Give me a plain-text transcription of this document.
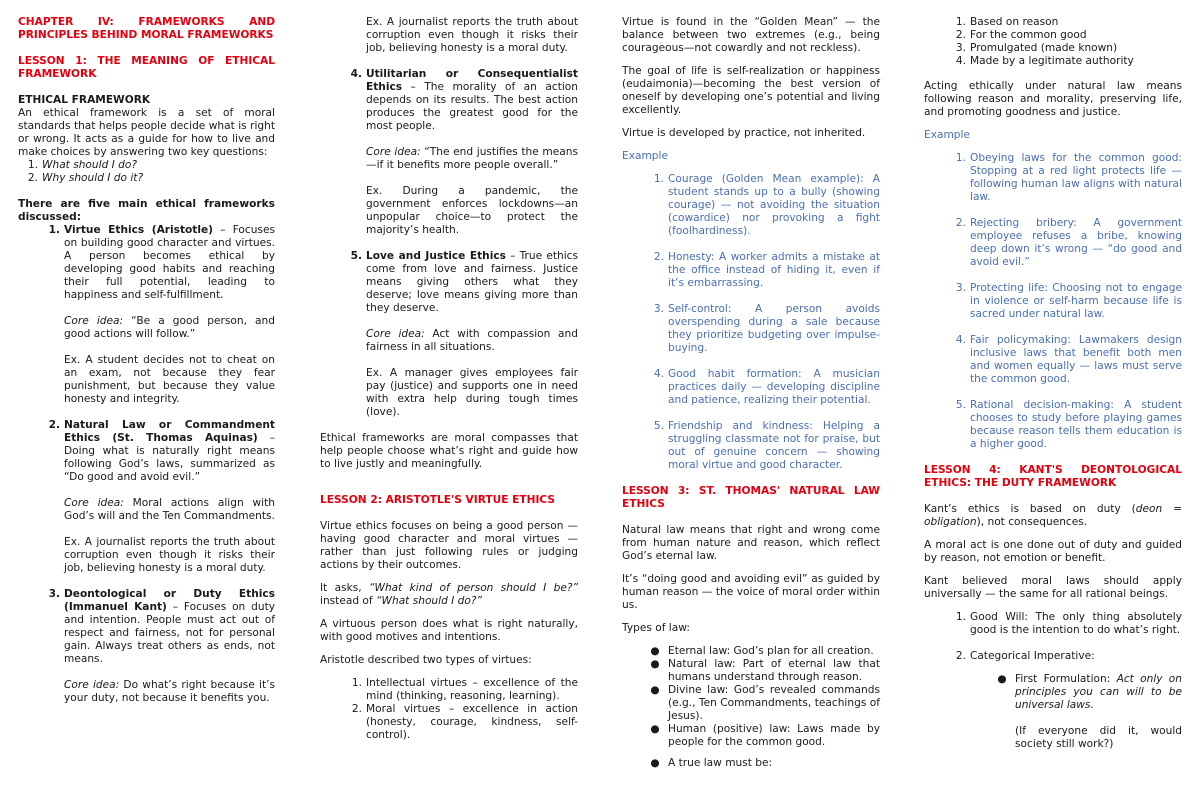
CHAPTER IV: FRAMEWORKS AND PRINCIPLES BEHIND MORAL FRAMEWORKS

LESSON 1: THE MEANING OF ETHICAL FRAMEWORK

ETHICAL FRAMEWORK

An ethical framework is a set of moral standards that helps people decide what is right or wrong. It acts as a guide for how to live and make choices by answering two key questions:

1. What should I do?
2. Why should I do it?

There are five main ethical frameworks discussed:

1. Virtue Ethics (Aristotle) – Focuses on building good character and virtues. A person becomes ethical by developing good habits and reaching their full potential, leading to happiness and self-fulfillment.
Core idea: “Be a good person, and good actions will follow.”
Ex. A student decides not to cheat on an exam, not because they fear punishment, but because they value honesty and integrity.
2. Natural Law or Commandment Ethics (St. Thomas Aquinas) – Doing what is naturally right means following God’s laws, summarized as “Do good and avoid evil.”
Core idea: Moral actions align with God’s will and the Ten Commandments.
Ex. A journalist reports the truth about corruption even though it risks their job, believing honesty is a moral duty.
3. Deontological or Duty Ethics (Immanuel Kant) – Focuses on duty and intention. People must act out of respect and fairness, not for personal gain. Always treat others as ends, not means.
Core idea: Do what’s right because it’s your duty, not because it benefits you.
Ex. A journalist reports the truth about corruption even though it risks their job, believing honesty is a moral duty.
4. Utilitarian or Consequentialist Ethics – The morality of an action depends on its results. The best action produces the greatest good for the most people.
Core idea: “The end justifies the means—if it benefits more people overall.”
Ex. During a pandemic, the government enforces lockdowns—an unpopular choice—to protect the majority’s health.
5. Love and Justice Ethics – True ethics come from love and fairness. Justice means giving others what they deserve; love means giving more than they deserve.
Core idea: Act with compassion and fairness in all situations.
Ex. A manager gives employees fair pay (justice) and supports one in need with extra help during tough times (love).

Ethical frameworks are moral compasses that help people choose what’s right and guide how to live justly and meaningfully.

LESSON 2: ARISTOTLE'S VIRTUE ETHICS

Virtue ethics focuses on being a good person — having good character and moral virtues — rather than just following rules or judging actions by their outcomes.

It asks, “What kind of person should I be?” instead of “What should I do?”

A virtuous person does what is right naturally, with good motives and intentions.

Aristotle described two types of virtues:

1. Intellectual virtues – excellence of the mind (thinking, reasoning, learning).
2. Moral virtues – excellence in action (honesty, courage, kindness, self-control).

Virtue is found in the “Golden Mean” — the balance between two extremes (e.g., being courageous—not cowardly and not reckless).

The goal of life is self-realization or happiness (eudaimonia)—becoming the best version of oneself by developing one’s potential and living excellently.

Virtue is developed by practice, not inherited.

Example

1. Courage (Golden Mean example): A student stands up to a bully (showing courage) — not avoiding the situation (cowardice) nor provoking a fight (foolhardiness).
2. Honesty: A worker admits a mistake at the office instead of hiding it, even if it’s embarrassing.
3. Self-control: A person avoids overspending during a sale because they prioritize budgeting over impulse-buying.
4. Good habit formation: A musician practices daily — developing discipline and patience, realizing their potential.
5. Friendship and kindness: Helping a struggling classmate not for praise, but out of genuine concern — showing moral virtue and good character.

LESSON 3: ST. THOMAS' NATURAL LAW ETHICS

Natural law means that right and wrong come from human nature and reason, which reflect God’s eternal law.

It’s “doing good and avoiding evil” as guided by human reason — the voice of moral order within us.

Types of law:

● Eternal law: God’s plan for all creation.
● Natural law: Part of eternal law that humans understand through reason.
● Divine law: God’s revealed commands (e.g., Ten Commandments, teachings of Jesus).
● Human (positive) law: Laws made by people for the common good.
● A true law must be:
1. Based on reason
2. For the common good
3. Promulgated (made known)
4. Made by a legitimate authority

Acting ethically under natural law means following reason and morality, preserving life, and promoting goodness and justice.

Example

1. Obeying laws for the common good: Stopping at a red light protects life — following human law aligns with natural law.
2. Rejecting bribery: A government employee refuses a bribe, knowing deep down it’s wrong — “do good and avoid evil.”
3. Protecting life: Choosing not to engage in violence or self-harm because life is sacred under natural law.
4. Fair policymaking: Lawmakers design inclusive laws that benefit both men and women equally — laws must serve the common good.
5. Rational decision-making: A student chooses to study before playing games because reason tells them education is a higher good.

LESSON 4: KANT'S DEONTOLOGICAL ETHICS: THE DUTY FRAMEWORK

Kant’s ethics is based on duty (deon = obligation), not consequences.

A moral act is one done out of duty and guided by reason, not emotion or benefit.

Kant believed moral laws should apply universally — the same for all rational beings.

1. Good Will: The only thing absolutely good is the intention to do what’s right.
2. Categorical Imperative:
● First Formulation: Act only on principles you can will to be universal laws.
(If everyone did it, would society still work?)
